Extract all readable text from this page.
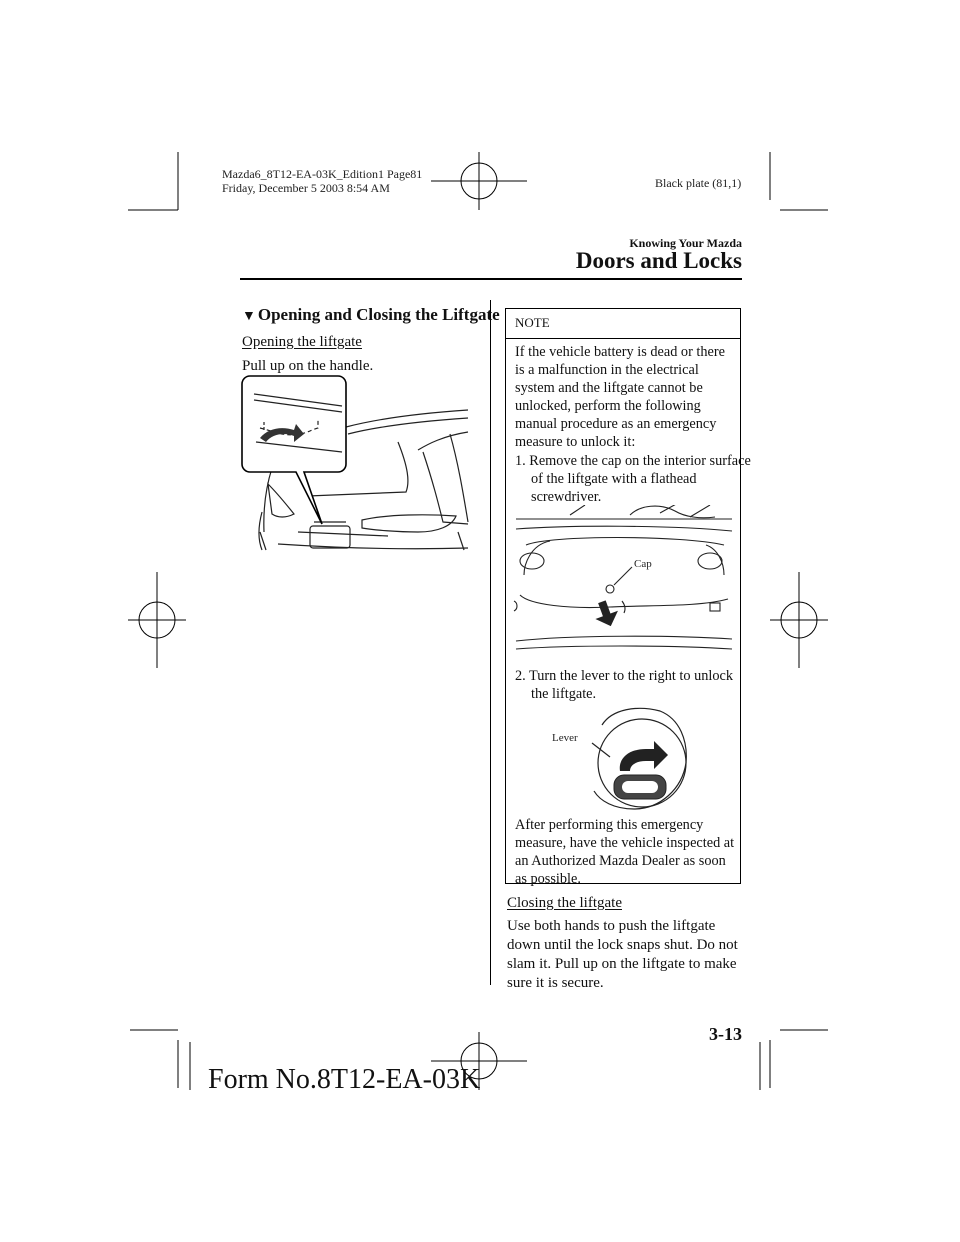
Mazda6_8T12-EA-03K_Edition1 Page81
Friday, December 5 2003 8:54 AM	Black plate (81,1)
Knowing Your Mazda
Doors and Locks
▼ Opening and Closing the Liftgate
Opening the liftgate
Pull up on the handle.
NOTE
If the vehicle battery is dead or there is a malfunction in the electrical system and the liftgate cannot be unlocked, perform the following manual procedure as an emergency measure to unlock it:
1. Remove the cap on the interior surface of the liftgate with a flathead screwdriver.
Cap
2. Turn the lever to the right to unlock the liftgate.
Lever
After performing this emergency measure, have the vehicle inspected at an Authorized Mazda Dealer as soon as possible.
Closing the liftgate
Use both hands to push the liftgate down until the lock snaps shut. Do not slam it. Pull up on the liftgate to make sure it is secure.
3-13
Form No.8T12-EA-03K
